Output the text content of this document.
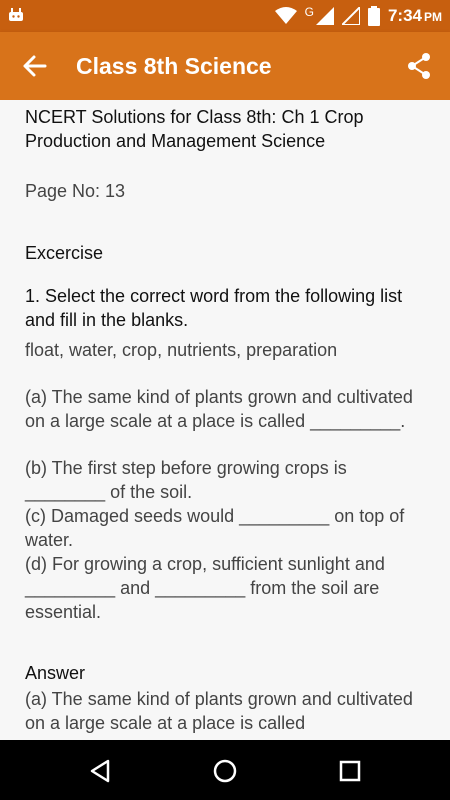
G	7:34 PM
Class 8th Science

NCERT Solutions for Class 8th: Ch 1 Crop Production and Management Science

Page No: 13

Excercise

1. Select the correct word from the following list and fill in the blanks.

float, water, crop, nutrients, preparation

(a) The same kind of plants grown and cultivated on a large scale at a place is called _________.

(b) The first step before growing crops is ________ of the soil.

(c) Damaged seeds would _________ on top of water.

(d) For growing a crop, sufficient sunlight and _________ and _________ from the soil are essential.

Answer

(a) The same kind of plants grown and cultivated on a large scale at a place is called
